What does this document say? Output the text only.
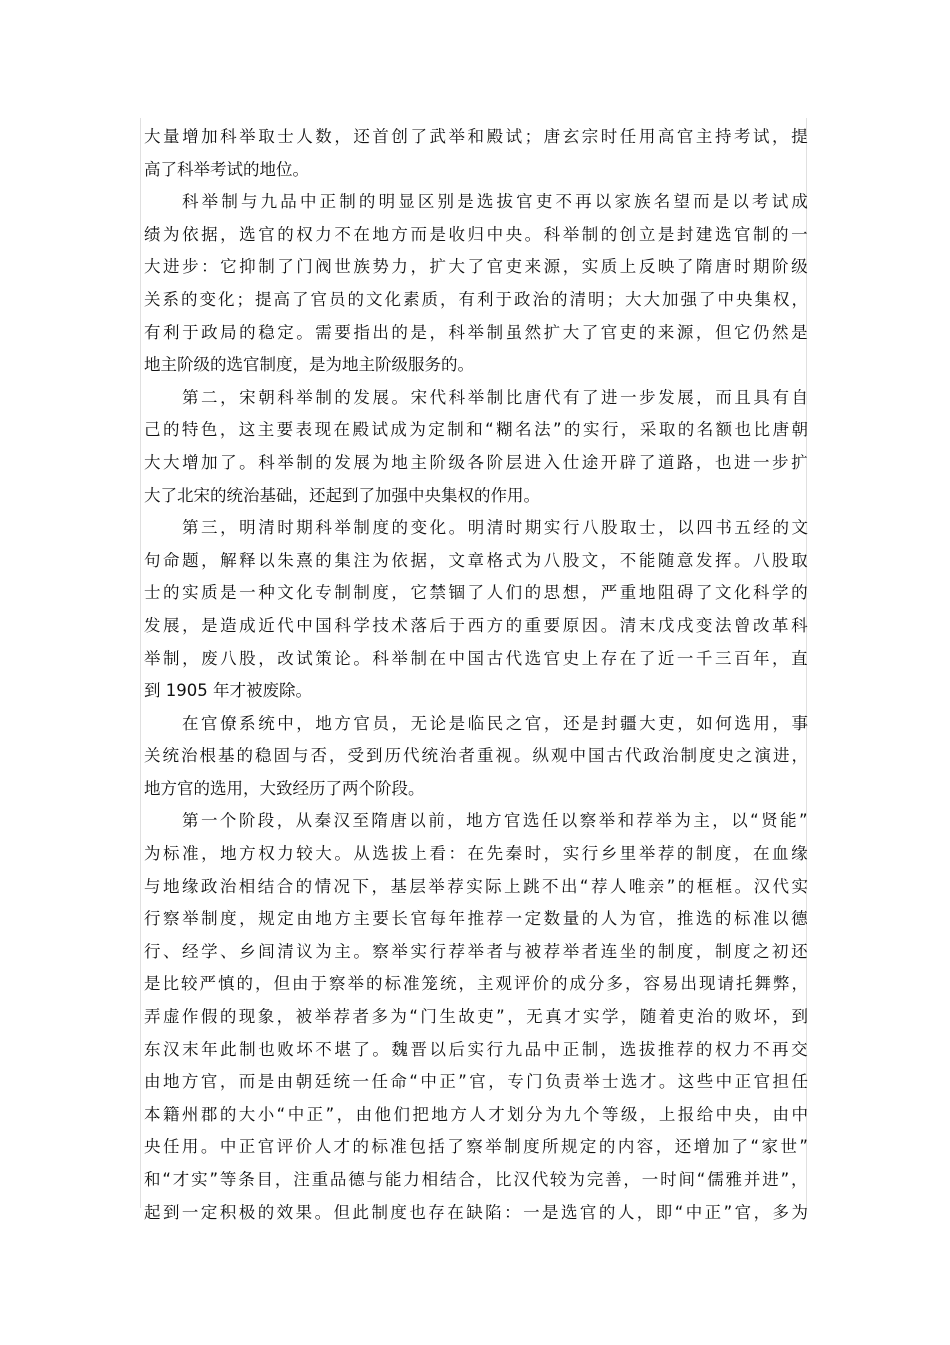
大 量 增 加 科 举 取 士 人 数 ， 还 首 创 了 武 举 和 殿 试 ； 唐 玄 宗 时 任 用 高 官 主 持 考 试 ， 提
高了科举考试的地位。
科 举 制 与 九 品 中 正 制 的 明 显 区 别 是 选 拔 官 吏 不 再 以 家 族 名 望 而 是 以 考 试 成
绩 为 依 据 ， 选 官 的 权 力 不 在 地 方 而 是 收 归 中 央 。 科 举 制 的 创 立 是 封 建 选 官 制 的 一
大 进 步 ： 它 抑 制 了 门 阀 世 族 势 力 ， 扩 大 了 官 吏 来 源 ， 实 质 上 反 映 了 隋 唐 时 期 阶 级
关 系 的 变 化 ； 提 高 了 官 员 的 文 化 素 质 ， 有 利 于 政 治 的 清 明 ； 大 大 加 强 了 中 央 集 权 ，
有 利 于 政 局 的 稳 定 。 需 要 指 出 的 是 ， 科 举 制 虽 然 扩 大 了 官 吏 的 来 源 ， 但 它 仍 然 是
地主阶级的选官制度，是为地主阶级服务的。
第 二 ， 宋 朝 科 举 制 的 发 展 。 宋 代 科 举 制 比 唐 代 有 了 进 一 步 发 展 ， 而 且 具 有 自
己 的 特 色 ， 这 主 要 表 现 在 殿 试 成 为 定 制 和 “ 糊 名 法 ” 的 实 行 ， 采 取 的 名 额 也 比 唐 朝
大 大 增 加 了 。 科 举 制 的 发 展 为 地 主 阶 级 各 阶 层 进 入 仕 途 开 辟 了 道 路 ， 也 进 一 步 扩
大了北宋的统治基础，还起到了加强中央集权的作用。
第 三 ， 明 清 时 期 科 举 制 度 的 变 化 。 明 清 时 期 实 行 八 股 取 士 ， 以 四 书 五 经 的 文
句 命 题 ， 解 释 以 朱 熹 的 集 注 为 依 据 ， 文 章 格 式 为 八 股 文 ， 不 能 随 意 发 挥 。 八 股 取
士 的 实 质 是 一 种 文 化 专 制 制 度 ， 它 禁 锢 了 人 们 的 思 想 ， 严 重 地 阻 碍 了 文 化 科 学 的
发 展 ， 是 造 成 近 代 中 国 科 学 技 术 落 后 于 西 方 的 重 要 原 因 。 清 末 戊 戌 变 法 曾 改 革 科
举 制 ， 废 八 股 ， 改 试 策 论 。 科 举 制 在 中 国 古 代 选 官 史 上 存 在 了 近 一 千 三 百 年 ， 直
到 1905 年才被废除。
在 官 僚 系 统 中 ， 地 方 官 员 ， 无 论 是 临 民 之 官 ， 还 是 封 疆 大 吏 ， 如 何 选 用 ， 事
关 统 治 根 基 的 稳 固 与 否 ， 受 到 历 代 统 治 者 重 视 。 纵 观 中 国 古 代 政 治 制 度 史 之 演 进 ，
地方官的选用，大致经历了两个阶段。
第 一 个 阶 段 ， 从 秦 汉 至 隋 唐 以 前 ， 地 方 官 选 任 以 察 举 和 荐 举 为 主 ， 以 “ 贤 能 ”
为 标 准 ， 地 方 权 力 较 大 。 从 选 拔 上 看 ： 在 先 秦 时 ， 实 行 乡 里 举 荐 的 制 度 ， 在 血 缘
与 地 缘 政 治 相 结 合 的 情 况 下 ， 基 层 举 荐 实 际 上 跳 不 出 “ 荐 人 唯 亲 ” 的 框 框 。 汉 代 实
行 察 举 制 度 ， 规 定 由 地 方 主 要 长 官 每 年 推 荐 一 定 数 量 的 人 为 官 ， 推 选 的 标 准 以 德
行 、 经 学 、 乡 闾 清 议 为 主 。 察 举 实 行 荐 举 者 与 被 荐 举 者 连 坐 的 制 度 ， 制 度 之 初 还
是 比 较 严 慎 的 ， 但 由 于 察 举 的 标 准 笼 统 ， 主 观 评 价 的 成 分 多 ， 容 易 出 现 请 托 舞 弊 ，
弄 虚 作 假 的 现 象 ， 被 举 荐 者 多 为 “ 门 生 故 吏 ” ， 无 真 才 实 学 ， 随 着 吏 治 的 败 坏 ， 到
东 汉 末 年 此 制 也 败 坏 不 堪 了 。 魏 晋 以 后 实 行 九 品 中 正 制 ， 选 拔 推 荐 的 权 力 不 再 交
由 地 方 官 ， 而 是 由 朝 廷 统 一 任 命 “ 中 正 ” 官 ， 专 门 负 责 举 士 选 才 。 这 些 中 正 官 担 任
本 籍 州 郡 的 大 小 “ 中 正 ” ， 由 他 们 把 地 方 人 才 划 分 为 九 个 等 级 ， 上 报 给 中 央 ， 由 中
央 任 用 。 中 正 官 评 价 人 才 的 标 准 包 括 了 察 举 制 度 所 规 定 的 内 容 ， 还 增 加 了 “ 家 世 ”
和 “ 才 实 ” 等 条 目 ， 注 重 品 德 与 能 力 相 结 合 ， 比 汉 代 较 为 完 善 ， 一 时 间 “ 儒 雅 并 进 ” ，
起 到 一 定 积 极 的 效 果 。 但 此 制 度 也 存 在 缺 陷 ： 一 是 选 官 的 人 ， 即 “ 中 正 ” 官 ， 多 为
